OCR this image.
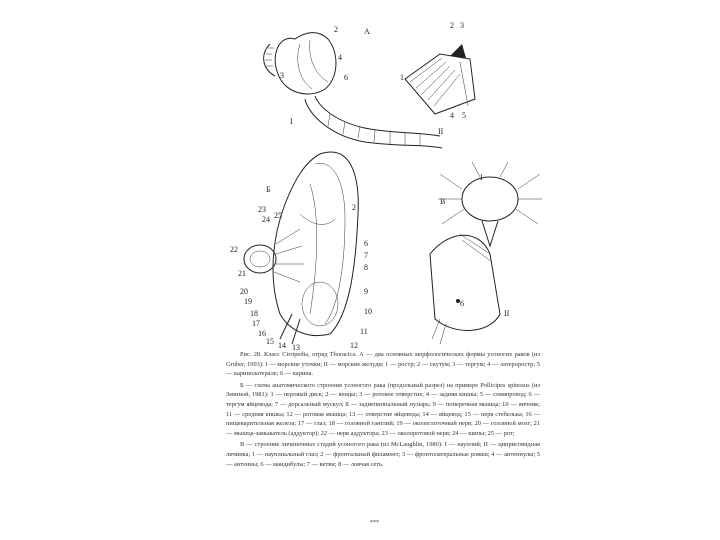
2	А
4
3	6
I
2 3
1
4 5
II
Б
23
24 25
22
21
20
19
18
17
16
15 14 13
2
6
7
8
9
10
11
12
В
I
6
II

Рис. 28. Класс Cirripedia, отряд Thoracica. А — два основных морфологических формы усоногих раков (из Gruber, 1993): I — морские уточки; II — морские желуди; 1 — ростр; 2 — скутум; 3 — тергум; 4 — латероростр; 5 — каринолатерале; 6 — карина.

Б — схема анатомического строения усоногого рака (продольный разрез) на примере Pollicipes spinosus (из Зевиной, 1981): 1 — перовый диск; 2 — венцы; 3 — ротовое отверстие; 4 — задняя кишка; 5 — семяпровод; 6 — тергум яйцевода; 7 — дорсальный мускул; 8 — заднепиппальный пузырь; 9 — поперечная мышца; 10 — яичник; 11 — средняя кишка; 12 — ротовая мышца; 13 — отверстие яйцевода; 14 — яйцевод; 15 — нерв стебелька; 16 — пищеварительная железа; 17 — глаз; 18 — головной ганглий; 19 — окологлоточный нерв; 20 — головной мозг; 21 — мышца-замыкатель (аддуктор); 22 — нерв аддуктора; 23 — околоротовой нерв; 24 — шипы; 25 — рот;

В — строение личиночных стадий усоногого рака (из McLaughlin, 1980): I — науплий; II — циприсовидная личинка; 1 — науплиальный глаз; 2 — фронтальный филамент; 3 — фронтолатеральные рожки; 4 — антеннулы; 5 — антенны; 6 — мандибулы; 7 — ветви; 8 — ловчая сеть.

***
